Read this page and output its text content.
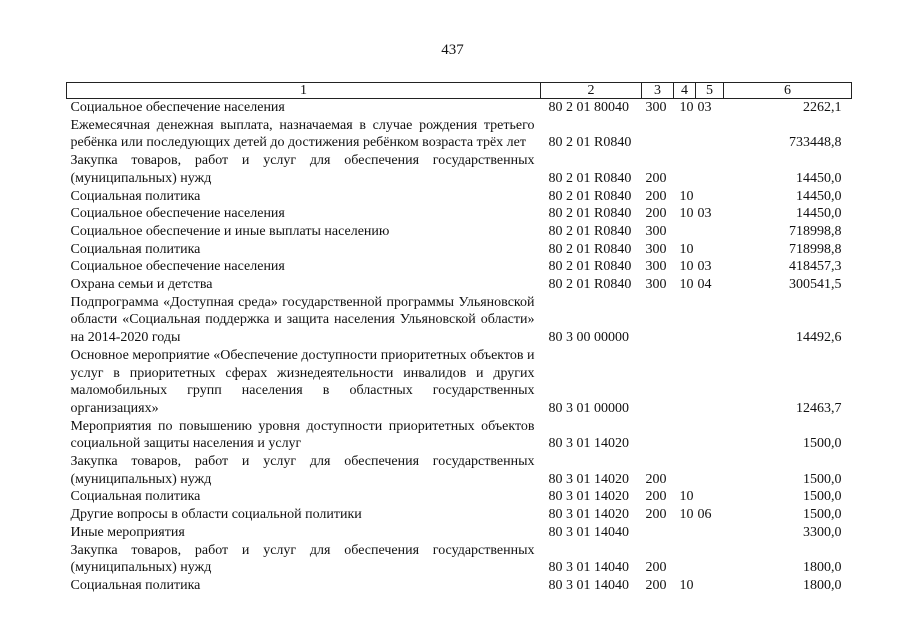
437
1	2	3	4	5	6
Социальное обеспечение населения	80 2 01 80040	300	10	03	2262,1
Ежемесячная денежная выплата, назначаемая в случае рождения третьего ребёнка или последующих детей до достижения ребёнком возраста трёх лет	80 2 01 R0840				733448,8
Закупка товаров, работ и услуг для обеспечения государственных (муниципальных) нужд	80 2 01 R0840	200			14450,0
Социальная политика	80 2 01 R0840	200	10		14450,0
Социальное обеспечение населения	80 2 01 R0840	200	10	03	14450,0
Социальное обеспечение и иные выплаты населению	80 2 01 R0840	300			718998,8
Социальная политика	80 2 01 R0840	300	10		718998,8
Социальное обеспечение населения	80 2 01 R0840	300	10	03	418457,3
Охрана семьи и детства	80 2 01 R0840	300	10	04	300541,5
Подпрограмма «Доступная среда» государственной программы Ульяновской области «Социальная поддержка и защита населения Ульяновской области» на 2014-2020 годы	80 3 00 00000				14492,6
Основное мероприятие «Обеспечение доступности приоритетных объектов и услуг в приоритетных сферах жизнедеятельности инвалидов и других маломобильных групп населения в областных государственных организациях»	80 3 01 00000				12463,7
Мероприятия по повышению уровня доступности приоритетных объектов социальной защиты населения и услуг	80 3 01 14020				1500,0
Закупка товаров, работ и услуг для обеспечения государственных (муниципальных) нужд	80 3 01 14020	200			1500,0
Социальная политика	80 3 01 14020	200	10		1500,0
Другие вопросы в области социальной политики	80 3 01 14020	200	10	06	1500,0
Иные мероприятия	80 3 01 14040				3300,0
Закупка товаров, работ и услуг для обеспечения государственных (муниципальных) нужд	80 3 01 14040	200			1800,0
Социальная политика	80 3 01 14040	200	10		1800,0
